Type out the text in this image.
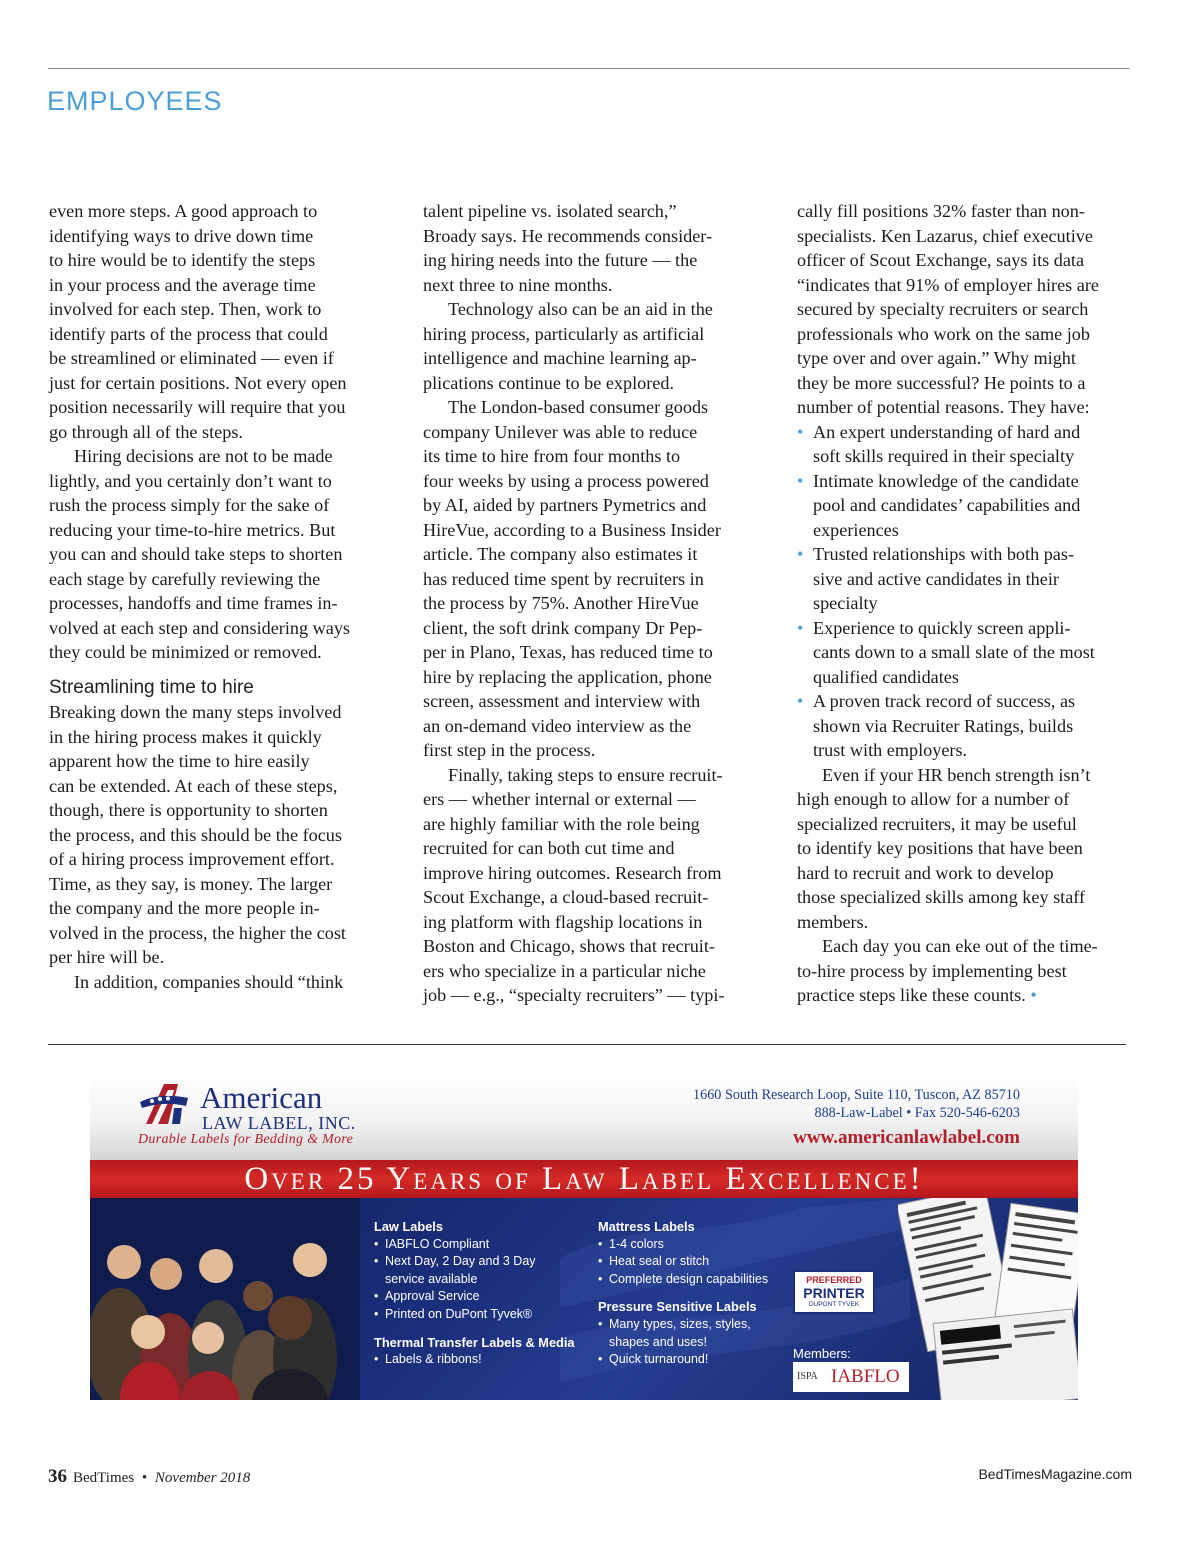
EMPLOYEES
even more steps. A good approach to
identifying ways to drive down time
to hire would be to identify the steps
in your process and the average time
involved for each step. Then, work to
identify parts of the process that could
be streamlined or eliminated — even if
just for certain positions. Not every open
position necessarily will require that you
go through all of the steps.
Hiring decisions are not to be made
lightly, and you certainly don’t want to
rush the process simply for the sake of
reducing your time-to-hire metrics. But
you can and should take steps to shorten
each stage by carefully reviewing the
processes, handoffs and time frames in-
volved at each step and considering ways
they could be minimized or removed.
Streamlining time to hire
Breaking down the many steps involved
in the hiring process makes it quickly
apparent how the time to hire easily
can be extended. At each of these steps,
though, there is opportunity to shorten
the process, and this should be the focus
of a hiring process improvement effort.
Time, as they say, is money. The larger
the company and the more people in-
volved in the process, the higher the cost
per hire will be.
In addition, companies should “think
talent pipeline vs. isolated search,”
Broady says. He recommends consider-
ing hiring needs into the future — the
next three to nine months.
Technology also can be an aid in the
hiring process, particularly as artificial
intelligence and machine learning ap-
plications continue to be explored.
The London-based consumer goods
company Unilever was able to reduce
its time to hire from four months to
four weeks by using a process powered
by AI, aided by partners Pymetrics and
HireVue, according to a Business Insider
article. The company also estimates it
has reduced time spent by recruiters in
the process by 75%. Another HireVue
client, the soft drink company Dr Pep-
per in Plano, Texas, has reduced time to
hire by replacing the application, phone
screen, assessment and interview with
an on-demand video interview as the
first step in the process.
Finally, taking steps to ensure recruit-
ers — whether internal or external —
are highly familiar with the role being
recruited for can both cut time and
improve hiring outcomes. Research from
Scout Exchange, a cloud-based recruit-
ing platform with flagship locations in
Boston and Chicago, shows that recruit-
ers who specialize in a particular niche
job — e.g., “specialty recruiters” — typi-
cally fill positions 32% faster than non-
specialists. Ken Lazarus, chief executive
officer of Scout Exchange, says its data
“indicates that 91% of employer hires are
secured by specialty recruiters or search
professionals who work on the same job
type over and over again.” Why might
they be more successful? He points to a
number of potential reasons. They have:
• An expert understanding of hard and
soft skills required in their specialty
• Intimate knowledge of the candidate
pool and candidates’ capabilities and
experiences
• Trusted relationships with both pas-
sive and active candidates in their
specialty
• Experience to quickly screen appli-
cants down to a small slate of the most
qualified candidates
• A proven track record of success, as
shown via Recruiter Ratings, builds
trust with employers.
Even if your HR bench strength isn’t
high enough to allow for a number of
specialized recruiters, it may be useful
to identify key positions that have been
hard to recruit and work to develop
those specialized skills among key staff
members.
Each day you can eke out of the time-
to-hire process by implementing best
practice steps like these counts. •
American
LAW LABEL, INC.
Durable Labels for Bedding & More
1660 South Research Loop, Suite 110, Tuscon, AZ 85710
888-Law-Label • Fax 520-546-6203
www.americanlawlabel.com
Over 25 Years of Law Label Excellence!
Law Labels
• IABFLO Compliant
• Next Day, 2 Day and 3 Day
service available
• Approval Service
• Printed on DuPont Tyvek®
Thermal Transfer Labels & Media
• Labels & ribbons!
Mattress Labels
• 1-4 colors
• Heat seal or stitch
• Complete design capabilities
Pressure Sensitive Labels
• Many types, sizes, styles,
shapes and uses!
• Quick turnaround!
PREFERRED
PRINTER
DUPONT TYVEK
Members:
ISPA IABFLO
36 BedTimes • November 2018	BedTimesMagazine.com
